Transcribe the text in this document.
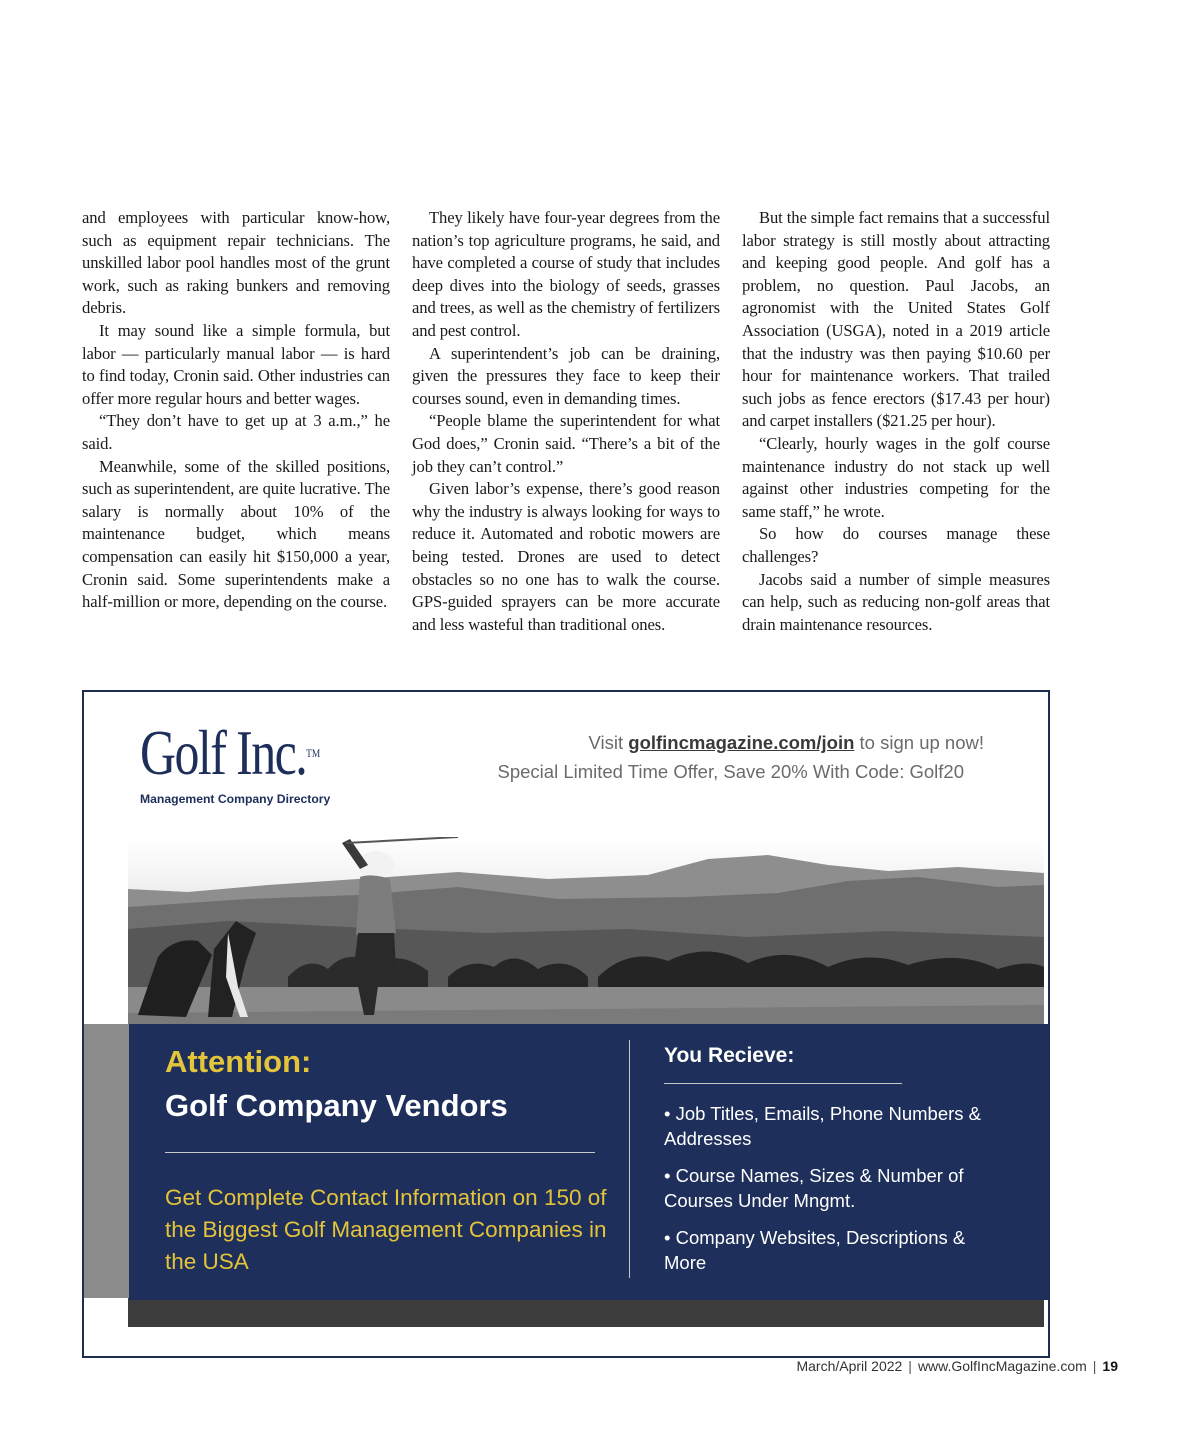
and employees with particular know-how, such as equipment repair technicians. The unskilled labor pool handles most of the grunt work, such as raking bunkers and removing debris.

It may sound like a simple formula, but labor — particularly manual labor — is hard to find today, Cronin said. Other industries can offer more regular hours and better wages.

“They don’t have to get up at 3 a.m.,” he said.

Meanwhile, some of the skilled positions, such as superintendent, are quite lucrative. The salary is normally about 10% of the maintenance budget, which means compensation can easily hit $150,000 a year, Cronin said. Some superintendents make a half-million or more, depending on the course.

They likely have four-year degrees from the nation’s top agriculture programs, he said, and have completed a course of study that includes deep dives into the biology of seeds, grasses and trees, as well as the chemistry of fertilizers and pest control.

A superintendent’s job can be draining, given the pressures they face to keep their courses sound, even in demanding times.

“People blame the superintendent for what God does,” Cronin said. “There’s a bit of the job they can’t control.”

Given labor’s expense, there’s good reason why the industry is always looking for ways to reduce it. Automated and robotic mowers are being tested. Drones are used to detect obstacles so no one has to walk the course. GPS-guided sprayers can be more accurate and less wasteful than traditional ones.

But the simple fact remains that a successful labor strategy is still mostly about attracting and keeping good people. And golf has a problem, no question. Paul Jacobs, an agronomist with the United States Golf Association (USGA), noted in a 2019 article that the industry was then paying $10.60 per hour for maintenance workers. That trailed such jobs as fence erectors ($17.43 per hour) and carpet installers ($21.25 per hour).

“Clearly, hourly wages in the golf course maintenance industry do not stack up well against other industries competing for the same staff,” he wrote.

So how do courses manage these challenges?

Jacobs said a number of simple measures can help, such as reducing non-golf areas that drain maintenance resources.

Golf Inc.™
Management Company Directory
Visit golfincmagazine.com/join to sign up now!
Special Limited Time Offer, Save 20% With Code: Golf20
Attention:
Golf Company Vendors
Get Complete Contact Information on 150 of the Biggest Golf Management Companies in the USA
You Recieve:
• Job Titles, Emails, Phone Numbers & Addresses
• Course Names, Sizes & Number of Courses Under Mngmt.
• Company Websites, Descriptions & More
March/April 2022 | www.GolfIncMagazine.com | 19
